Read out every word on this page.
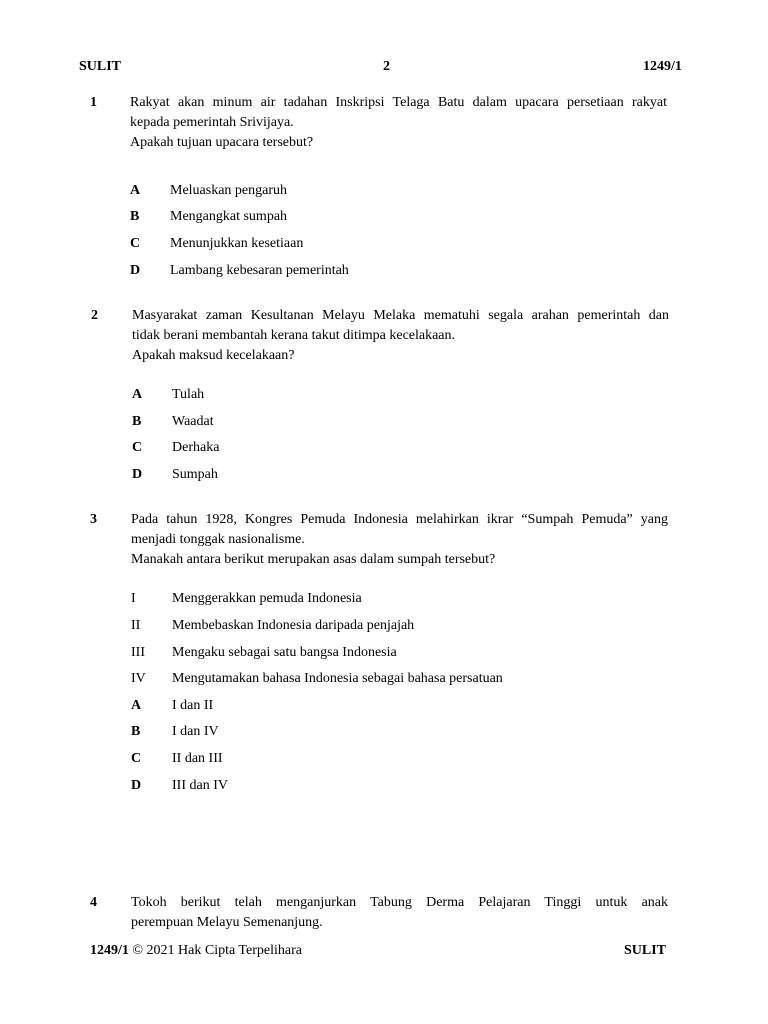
SULIT	2	1249/1
1 Rakyat akan minum air tadahan Inskripsi Telaga Batu dalam upacara persetiaan rakyat
kepada pemerintah Srivijaya.
Apakah tujuan upacara tersebut?
A Meluaskan pengaruh
B Mengangkat sumpah
C Menunjukkan kesetiaan
D Lambang kebesaran pemerintah
2 Masyarakat zaman Kesultanan Melayu Melaka mematuhi segala arahan pemerintah dan
tidak berani membantah kerana takut ditimpa kecelakaan.
Apakah maksud kecelakaan?
A Tulah
B Waadat
C Derhaka
D Sumpah
3 Pada tahun 1928, Kongres Pemuda Indonesia melahirkan ikrar “Sumpah Pemuda” yang
menjadi tonggak nasionalisme.
Manakah antara berikut merupakan asas dalam sumpah tersebut?
I	Menggerakkan pemuda Indonesia
II Membebaskan Indonesia daripada penjajah
III Mengaku sebagai satu bangsa Indonesia
IV Mengutamakan bahasa Indonesia sebagai bahasa persatuan
A I dan II
B I dan IV
C II dan III
D III dan IV
4 Tokoh berikut telah menganjurkan Tabung Derma Pelajaran Tinggi untuk anak
perempuan Melayu Semenanjung.
1249/1 © 2021 Hak Cipta Terpelihara	SULIT
